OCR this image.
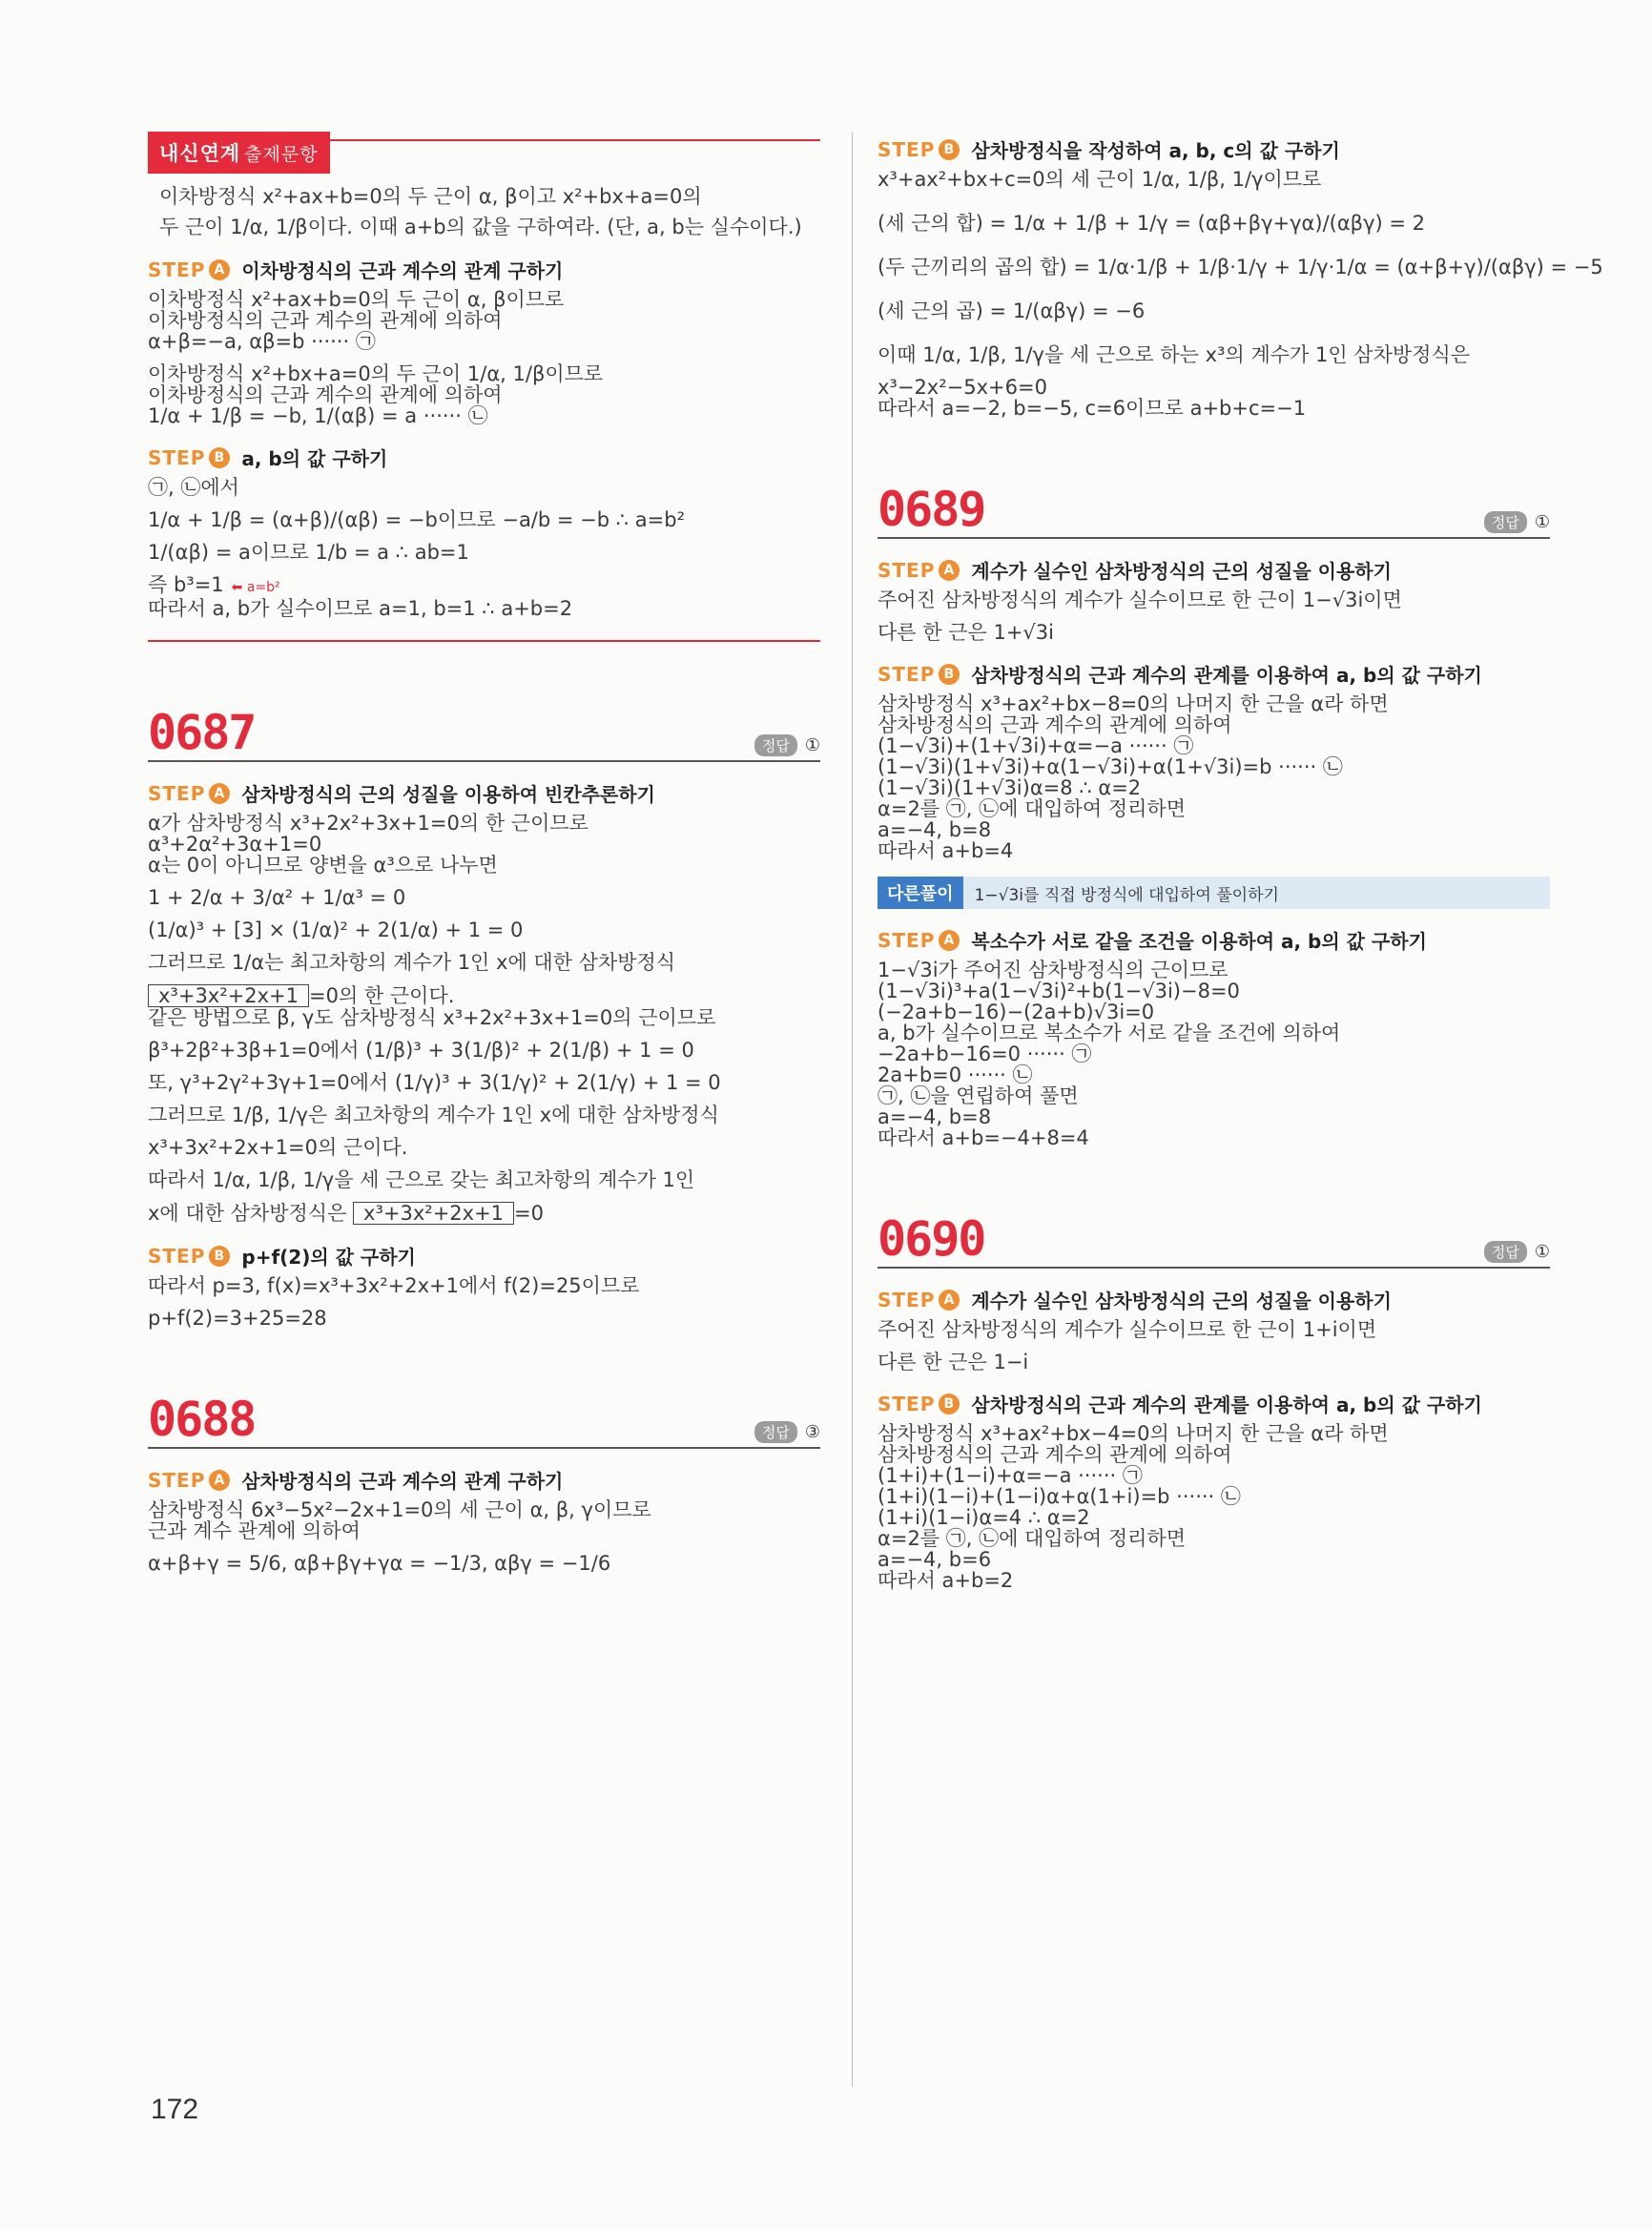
내신연계 출제문항

이차방정식 x²+ax+b=0의 두 근이 α, β이고 x²+bx+a=0의

두 근이 1/α, 1/β이다. 이때 a+b의 값을 구하여라. (단, a, b는 실수이다.)

STEP A 이차방정식의 근과 계수의 관계 구하기

이차방정식 x²+ax+b=0의 두 근이 α, β이므로

이차방정식의 근과 계수의 관계에 의하여

α+β=−a, αβ=b ······ ㉠

이차방정식 x²+bx+a=0의 두 근이 1/α, 1/β이므로

이차방정식의 근과 계수의 관계에 의하여

1/α + 1/β = −b, 1/(αβ) = a ······ ㉡

STEP B a, b의 값 구하기

㉠, ㉡에서

1/α + 1/β = (α+β)/(αβ) = −b이므로 −a/b = −b ∴ a=b²

1/(αβ) = a이므로 1/b = a ∴ ab=1

즉 b³=1 ⬅ a=b²

따라서 a, b가 실수이므로 a=1, b=1 ∴ a+b=2

0687	정답 ①
STEP A 삼차방정식의 근의 성질을 이용하여 빈칸추론하기

α가 삼차방정식 x³+2x²+3x+1=0의 한 근이므로

α³+2α²+3α+1=0

α는 0이 아니므로 양변을 α³으로 나누면

1 + 2/α + 3/α² + 1/α³ = 0

(1/α)³ + [3] × (1/α)² + 2(1/α) + 1 = 0

그러므로 1/α는 최고차항의 계수가 1인 x에 대한 삼차방정식

x³+3x²+2x+1 =0의 한 근이다.

같은 방법으로 β, γ도 삼차방정식 x³+2x²+3x+1=0의 근이므로

β³+2β²+3β+1=0에서 (1/β)³ + 3(1/β)² + 2(1/β) + 1 = 0

또, γ³+2γ²+3γ+1=0에서 (1/γ)³ + 3(1/γ)² + 2(1/γ) + 1 = 0

그러므로 1/β, 1/γ은 최고차항의 계수가 1인 x에 대한 삼차방정식

x³+3x²+2x+1=0의 근이다.

따라서 1/α, 1/β, 1/γ을 세 근으로 갖는 최고차항의 계수가 1인

x에 대한 삼차방정식은 x³+3x²+2x+1 =0

STEP B p+f(2)의 값 구하기

따라서 p=3, f(x)=x³+3x²+2x+1에서 f(2)=25이므로

p+f(2)=3+25=28

0688	정답 ③
STEP A 삼차방정식의 근과 계수의 관계 구하기

삼차방정식 6x³−5x²−2x+1=0의 세 근이 α, β, γ이므로

근과 계수 관계에 의하여

α+β+γ = 5/6, αβ+βγ+γα = −1/3, αβγ = −1/6

STEP B 삼차방정식을 작성하여 a, b, c의 값 구하기

x³+ax²+bx+c=0의 세 근이 1/α, 1/β, 1/γ이므로

(세 근의 합) = 1/α + 1/β + 1/γ = (αβ+βγ+γα)/(αβγ) = 2

(두 근끼리의 곱의 합) = 1/α·1/β + 1/β·1/γ + 1/γ·1/α = (α+β+γ)/(αβγ) = −5

(세 근의 곱) = 1/(αβγ) = −6

이때 1/α, 1/β, 1/γ을 세 근으로 하는 x³의 계수가 1인 삼차방정식은

x³−2x²−5x+6=0

따라서 a=−2, b=−5, c=6이므로 a+b+c=−1

0689	정답 ①
STEP A 계수가 실수인 삼차방정식의 근의 성질을 이용하기

주어진 삼차방정식의 계수가 실수이므로 한 근이 1−√3i이면

다른 한 근은 1+√3i

STEP B 삼차방정식의 근과 계수의 관계를 이용하여 a, b의 값 구하기

삼차방정식 x³+ax²+bx−8=0의 나머지 한 근을 α라 하면

삼차방정식의 근과 계수의 관계에 의하여

(1−√3i)+(1+√3i)+α=−a ······ ㉠

(1−√3i)(1+√3i)+α(1−√3i)+α(1+√3i)=b ······ ㉡

(1−√3i)(1+√3i)α=8 ∴ α=2

α=2를 ㉠, ㉡에 대입하여 정리하면

a=−4, b=8

따라서 a+b=4

다른풀이	1−√3i를 직접 방정식에 대입하여 풀이하기
STEP A 복소수가 서로 같을 조건을 이용하여 a, b의 값 구하기

1−√3i가 주어진 삼차방정식의 근이므로

(1−√3i)³+a(1−√3i)²+b(1−√3i)−8=0

(−2a+b−16)−(2a+b)√3i=0

a, b가 실수이므로 복소수가 서로 같을 조건에 의하여

−2a+b−16=0 ······ ㉠

2a+b=0 ······ ㉡

㉠, ㉡을 연립하여 풀면

a=−4, b=8

따라서 a+b=−4+8=4

0690	정답 ①
STEP A 계수가 실수인 삼차방정식의 근의 성질을 이용하기

주어진 삼차방정식의 계수가 실수이므로 한 근이 1+i이면

다른 한 근은 1−i

STEP B 삼차방정식의 근과 계수의 관계를 이용하여 a, b의 값 구하기

삼차방정식 x³+ax²+bx−4=0의 나머지 한 근을 α라 하면

삼차방정식의 근과 계수의 관계에 의하여

(1+i)+(1−i)+α=−a ······ ㉠

(1+i)(1−i)+(1−i)α+α(1+i)=b ······ ㉡

(1+i)(1−i)α=4 ∴ α=2

α=2를 ㉠, ㉡에 대입하여 정리하면

a=−4, b=6

따라서 a+b=2

172
